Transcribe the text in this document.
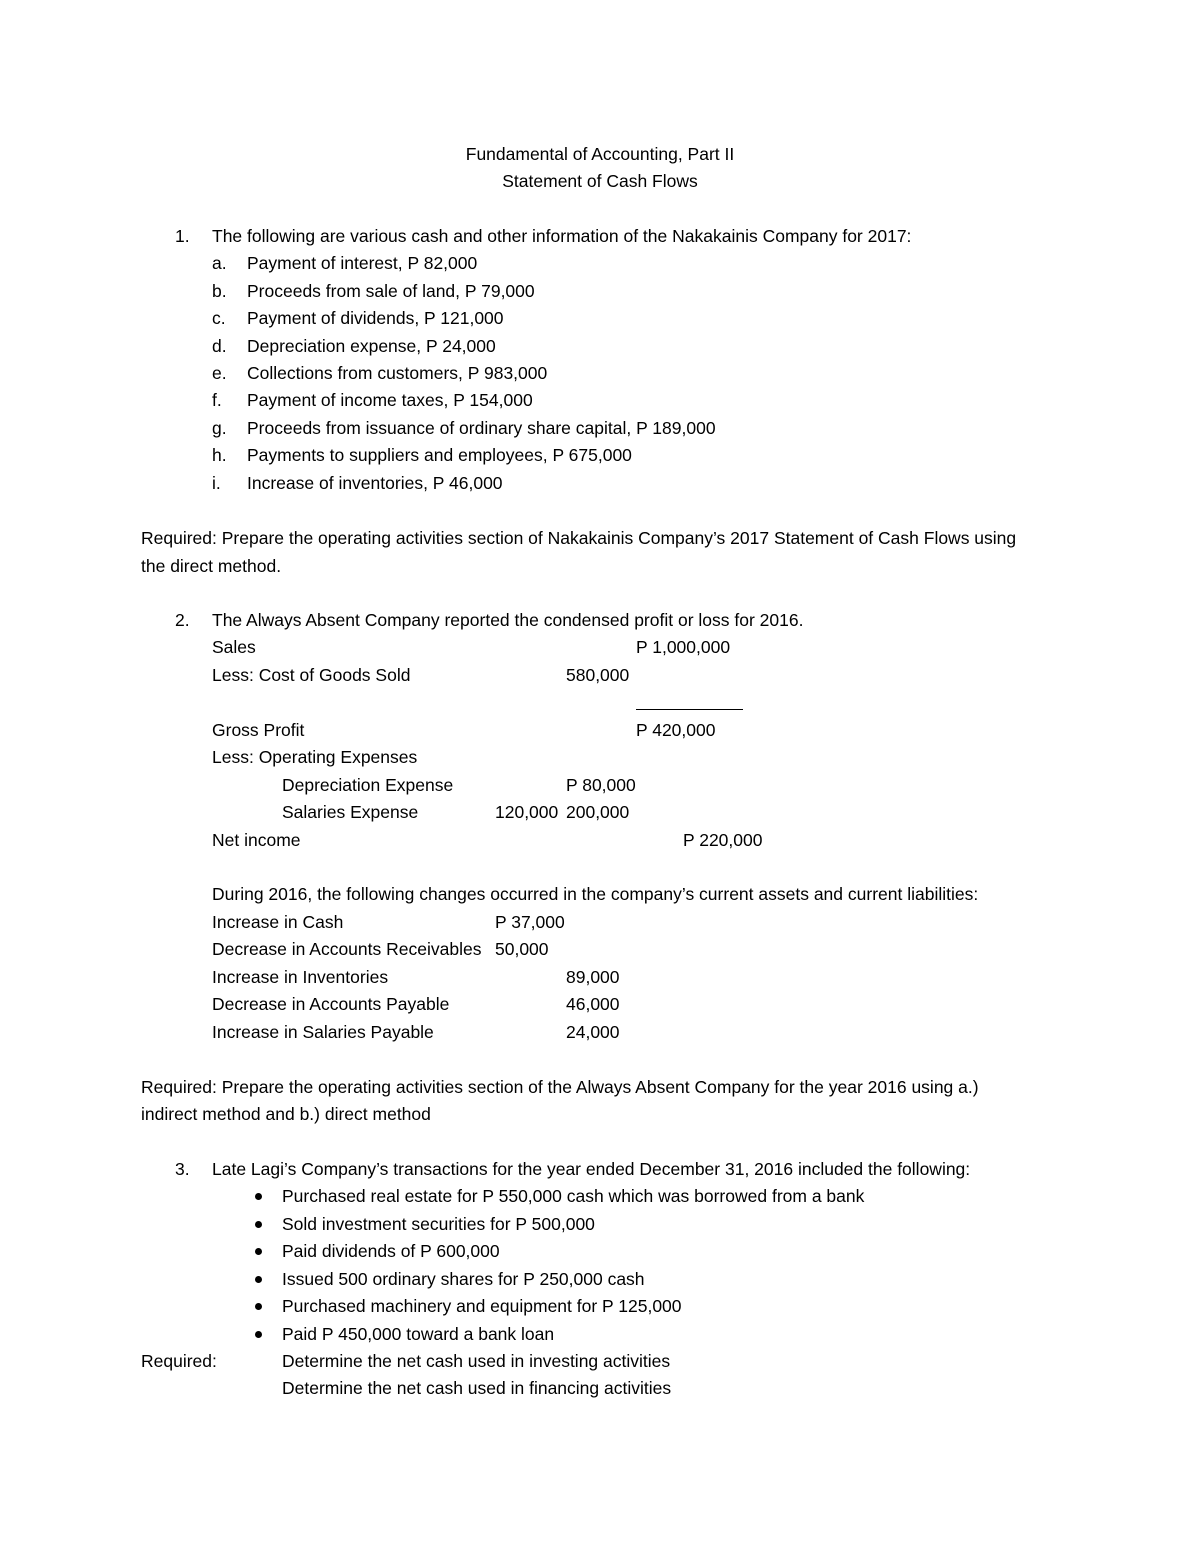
Fundamental of Accounting, Part II
Statement of Cash Flows
1. The following are various cash and other information of the Nakakainis Company for 2017:
a. Payment of interest, P 82,000
b. Proceeds from sale of land, P 79,000
c. Payment of dividends, P 121,000
d. Depreciation expense, P 24,000
e. Collections from customers, P 983,000
f. Payment of income taxes, P 154,000
g. Proceeds from issuance of ordinary share capital, P 189,000
h. Payments to suppliers and employees, P 675,000
i. Increase of inventories, P 46,000
Required: Prepare the operating activities section of Nakakainis Company’s 2017 Statement of Cash Flows using
the direct method.
2. The Always Absent Company reported the condensed profit or loss for 2016.
Sales	P 1,000,000
Less: Cost of Goods Sold	580,000
Gross Profit	P 420,000
Less: Operating Expenses
Depreciation Expense	P 80,000
Salaries Expense	120,000 200,000
Net income	P 220,000
During 2016, the following changes occurred in the company’s current assets and current liabilities:
Increase in Cash	P 37,000
Decrease in Accounts Receivables 50,000
Increase in Inventories	89,000
Decrease in Accounts Payable	46,000
Increase in Salaries Payable	24,000
Required: Prepare the operating activities section of the Always Absent Company for the year 2016 using a.)
indirect method and b.) direct method
3. Late Lagi’s Company’s transactions for the year ended December 31, 2016 included the following:
Purchased real estate for P 550,000 cash which was borrowed from a bank
Sold investment securities for P 500,000
Paid dividends of P 600,000
Issued 500 ordinary shares for P 250,000 cash
Purchased machinery and equipment for P 125,000
Paid P 450,000 toward a bank loan
Required:	Determine the net cash used in investing activities
Determine the net cash used in financing activities
